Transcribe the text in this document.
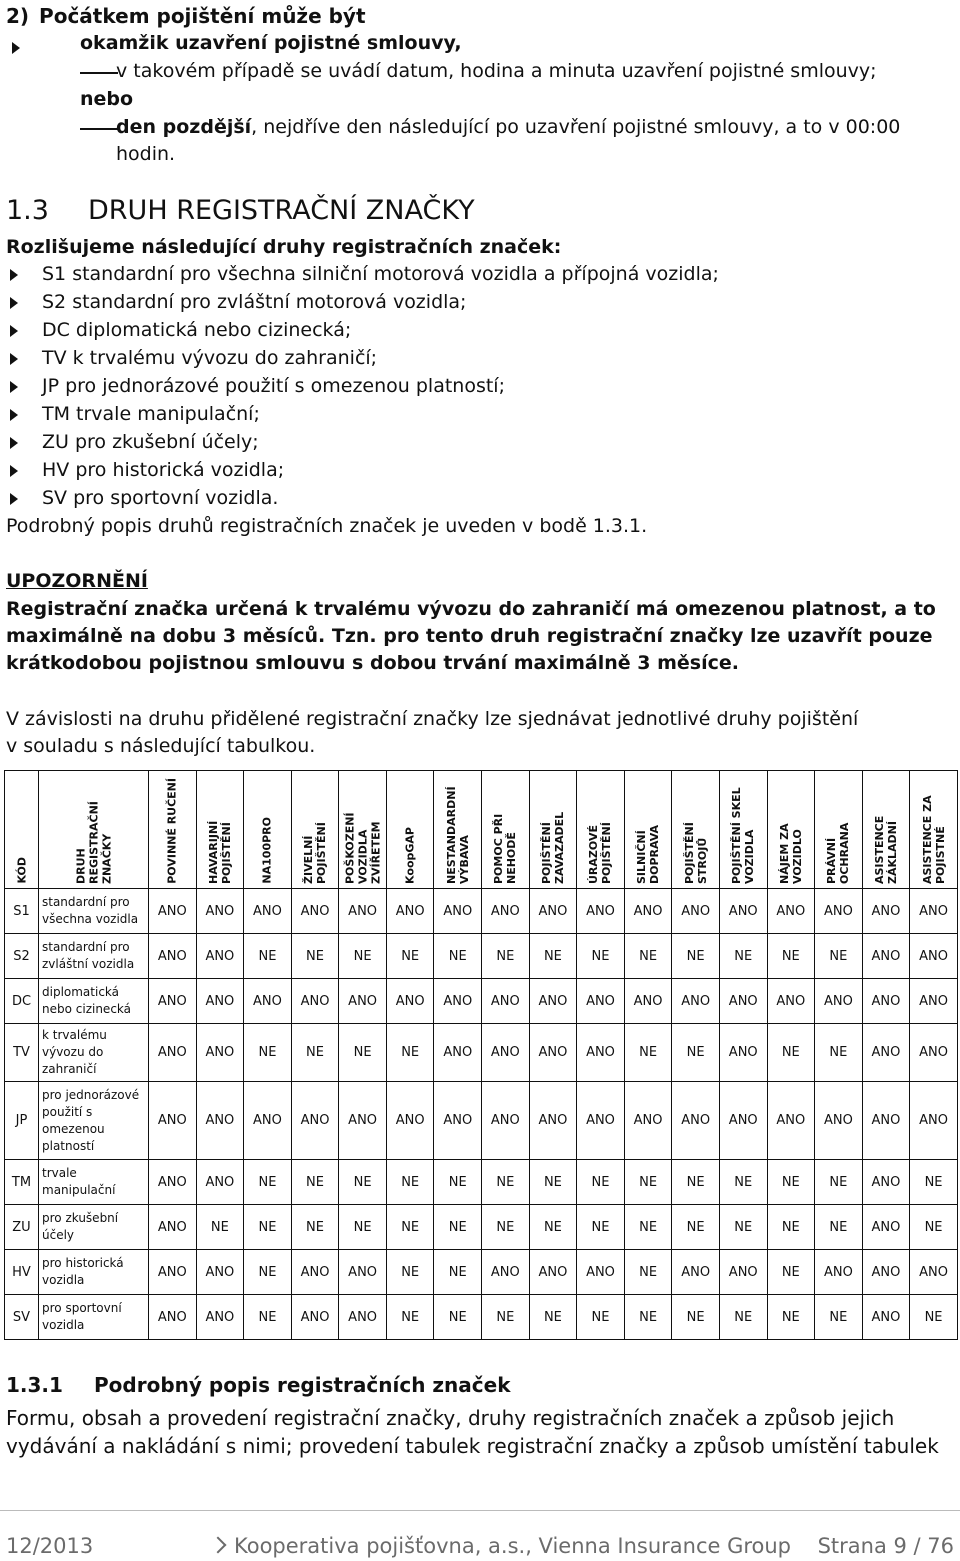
2) Počátkem pojištění může být
okamžik uzavření pojistné smlouvy,
v takovém případě se uvádí datum, hodina a minuta uzavření pojistné smlouvy;
nebo
den pozdější, nejdříve den následující po uzavření pojistné smlouvy, a to v 00:00
hodin.
1.3 DRUH REGISTRAČNÍ ZNAČKY
Rozlišujeme následující druhy registračních značek:
S1 standardní pro všechna silniční motorová vozidla a přípojná vozidla;
S2 standardní pro zvláštní motorová vozidla;
DC diplomatická nebo cizinecká;
TV k trvalému vývozu do zahraničí;
JP pro jednorázové použití s omezenou platností;
TM trvale manipulační;
ZU pro zkušební účely;
HV pro historická vozidla;
SV pro sportovní vozidla.
Podrobný popis druhů registračních značek je uveden v bodě 1.3.1.
UPOZORNĚNÍ
Registrační značka určená k trvalému vývozu do zahraničí má omezenou platnost, a to
maximálně na dobu 3 měsíců. Tzn. pro tento druh registrační značky lze uzavřít pouze
krátkodobou pojistnou smlouvu s dobou trvání maximálně 3 měsíce.
V závislosti na druhu přidělené registrační značky lze sjednávat jednotlivé druhy pojištění
v souladu s následující tabulkou.
KÓD	DRUH REGISTRAČNÍ ZNAČKY	POVINNÉ RUČENÍ	HAVARIJNÍ POJIŠTĚNÍ	NA100PRO	ŽIVELNÍ POJIŠTĚNÍ	POŠKOZENÍ VOZIDLA ZVÍŘETEM	KoopGAP	NESTANDARDNÍ VÝBAVA	POMOC PŘI NEHODĚ	POJIŠTĚNÍ ZAVAZADEL	ÚRAZOVÉ POJIŠTĚNÍ	SILNIČNÍ DOPRAVA	POJIŠTĚNÍ STROJŮ	POJIŠTĚNÍ SKEL VOZIDLA	NÁJEM ZA VOZIDLO	PRÁVNÍ OCHRANA	ASISTENCE ZÁKLADNÍ	ASISTENCE ZA POJISTNÉ

S1	standardní pro všechna vozidla	ANO	ANO	ANO	ANO	ANO	ANO	ANO	ANO	ANO	ANO	ANO	ANO	ANO	ANO	ANO	ANO	ANO
S2	standardní pro zvláštní vozidla	ANO	ANO	NE	NE	NE	NE	NE	NE	NE	NE	NE	NE	NE	NE	NE	ANO	ANO
DC	diplomatická nebo cizinecká	ANO	ANO	ANO	ANO	ANO	ANO	ANO	ANO	ANO	ANO	ANO	ANO	ANO	ANO	ANO	ANO	ANO
TV	k trvalému vývozu do zahraničí	ANO	ANO	NE	NE	NE	NE	ANO	ANO	ANO	ANO	NE	NE	ANO	NE	NE	ANO	ANO
JP	pro jednorázové použití s omezenou platností	ANO	ANO	ANO	ANO	ANO	ANO	ANO	ANO	ANO	ANO	ANO	ANO	ANO	ANO	ANO	ANO	ANO
TM	trvale manipulační	ANO	ANO	NE	NE	NE	NE	NE	NE	NE	NE	NE	NE	NE	NE	NE	ANO	NE
ZU	pro zkušební účely	ANO	NE	NE	NE	NE	NE	NE	NE	NE	NE	NE	NE	NE	NE	NE	ANO	NE
HV	pro historická vozidla	ANO	ANO	NE	ANO	ANO	NE	NE	ANO	ANO	ANO	NE	ANO	ANO	NE	ANO	ANO	ANO
SV	pro sportovní vozidla	ANO	ANO	NE	ANO	ANO	NE	NE	NE	NE	NE	NE	NE	NE	NE	NE	ANO	NE
1.3.1 Podrobný popis registračních značek
Formu, obsah a provedení registrační značky, druhy registračních značek a způsob jejich
vydávání a nakládání s nimi; provedení tabulek registrační značky a způsob umístění tabulek
12/2013	Kooperativa pojišťovna, a.s., Vienna Insurance Group Strana 9 / 76
